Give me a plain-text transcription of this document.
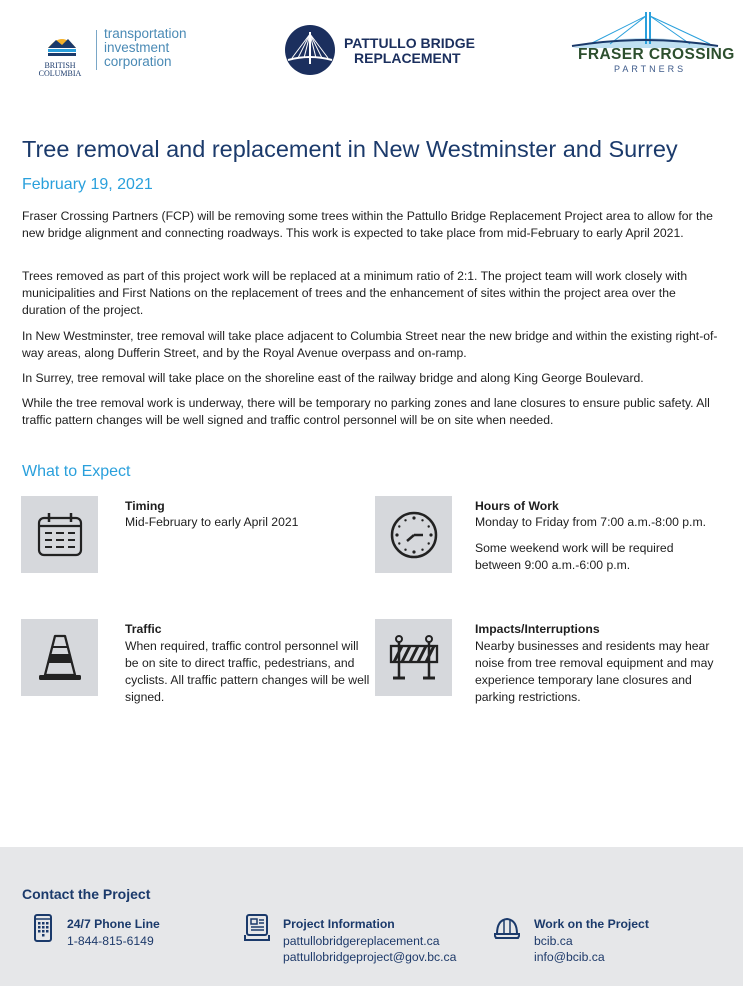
BRITISH
COLUMBIA
transportation
investment
corporation
PATTULLO BRIDGE
REPLACEMENT	FRASER CROSSING
PARTNERS
Tree removal and replacement in New Westminster and Surrey
February 19, 2021

Fraser Crossing Partners (FCP) will be removing some trees within the Pattullo Bridge Replacement Project area to allow for the new bridge alignment and connecting roadways. This work is expected to take place from mid-February to early April 2021.

Trees removed as part of this project work will be replaced at a minimum ratio of 2:1. The project team will work closely with municipalities and First Nations on the replacement of trees and the enhancement of sites within the project area over the duration of the project.

In New Westminster, tree removal will take place adjacent to Columbia Street near the new bridge and within the existing right-of-way areas, along Dufferin Street, and by the Royal Avenue overpass and on-ramp.

In Surrey, tree removal will take place on the shoreline east of the railway bridge and along King George Boulevard.

While the tree removal work is underway, there will be temporary no parking zones and lane closures to ensure public safety. All traffic pattern changes will be well signed and traffic control personnel will be on site when needed.

What to Expect
Timing
Mid-February to early April 2021
Hours of Work
Monday to Friday from 7:00 a.m.-8:00 p.m.
Some weekend work will be required between 9:00 a.m.-6:00 p.m.
Traffic
When required, traffic control personnel will be on site to direct traffic, pedestrians, and cyclists. All traffic pattern changes will be well signed.
Impacts/Interruptions
Nearby businesses and residents may hear noise from tree removal equipment and may experience temporary lane closures and parking restrictions.
Contact the Project
24/7 Phone Line
1-844-815-6149
Project Information
pattullobridgereplacement.ca
pattullobridgeproject@gov.bc.ca
Work on the Project
bcib.ca
info@bcib.ca
